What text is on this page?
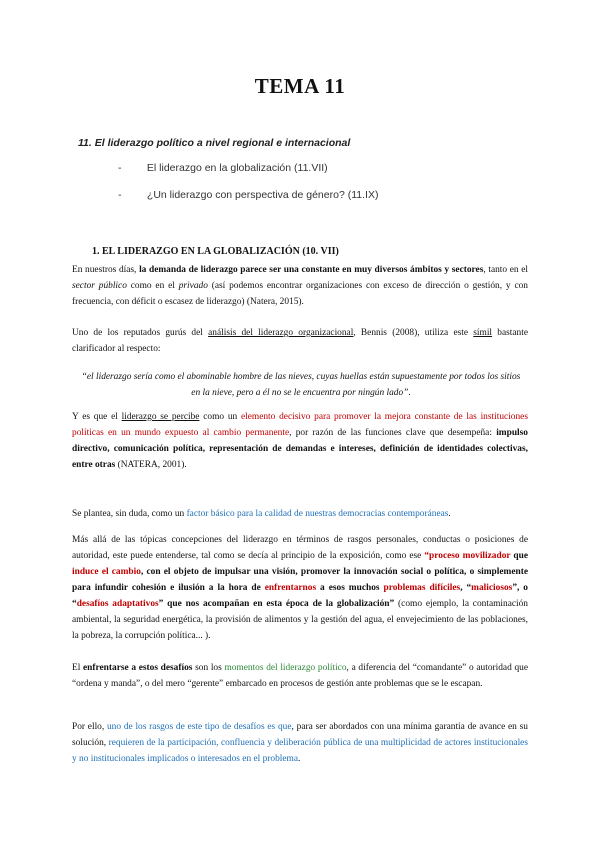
TEMA 11
11. El liderazgo político a nivel regional e internacional
- El liderazgo en la globalización (11.VII)
- ¿Un liderazgo con perspectiva de género? (11.IX)
1. EL LIDERAZGO EN LA GLOBALIZACIÓN (10. VII)

En nuestros días, la demanda de liderazgo parece ser una constante en muy diversos ámbitos y sectores, tanto en el sector público como en el privado (así podemos encontrar organizaciones con exceso de dirección o gestión, y con frecuencia, con déficit o escasez de liderazgo) (Natera, 2015).

Uno de los reputados gurús del análisis del liderazgo organizacional, Bennis (2008), utiliza este símil bastante clarificador al respecto:

“el liderazgo sería como el abominable hombre de las nieves, cuyas huellas están supuestamente por todos los sitios en la nieve, pero a él no se le encuentra por ningún lado”.

Y es que el liderazgo se percibe como un elemento decisivo para promover la mejora constante de las instituciones políticas en un mundo expuesto al cambio permanente, por razón de las funciones clave que desempeña: impulso directivo, comunicación política, representación de demandas e intereses, definición de identidades colectivas, entre otras (NATERA, 2001).

Se plantea, sin duda, como un factor básico para la calidad de nuestras democracias contemporáneas.

Más allá de las tópicas concepciones del liderazgo en términos de rasgos personales, conductas o posiciones de autoridad, este puede entenderse, tal como se decía al principio de la exposición, como ese “proceso movilizador que induce el cambio, con el objeto de impulsar una visión, promover la innovación social o política, o simplemente para infundir cohesión e ilusión a la hora de enfrentarnos a esos muchos problemas difíciles, “maliciosos”, o “desafíos adaptativos” que nos acompañan en esta época de la globalización” (como ejemplo, la contaminación ambiental, la seguridad energética, la provisión de alimentos y la gestión del agua, el envejecimiento de las poblaciones, la pobreza, la corrupción política... ).

El enfrentarse a estos desafíos son los momentos del liderazgo político, a diferencia del “comandante” o autoridad que “ordena y manda”, o del mero “gerente” embarcado en procesos de gestión ante problemas que se le escapan.

Por ello, uno de los rasgos de este tipo de desafíos es que, para ser abordados con una mínima garantía de avance en su solución, requieren de la participación, confluencia y deliberación pública de una multiplicidad de actores institucionales y no institucionales implicados o interesados en el problema.
